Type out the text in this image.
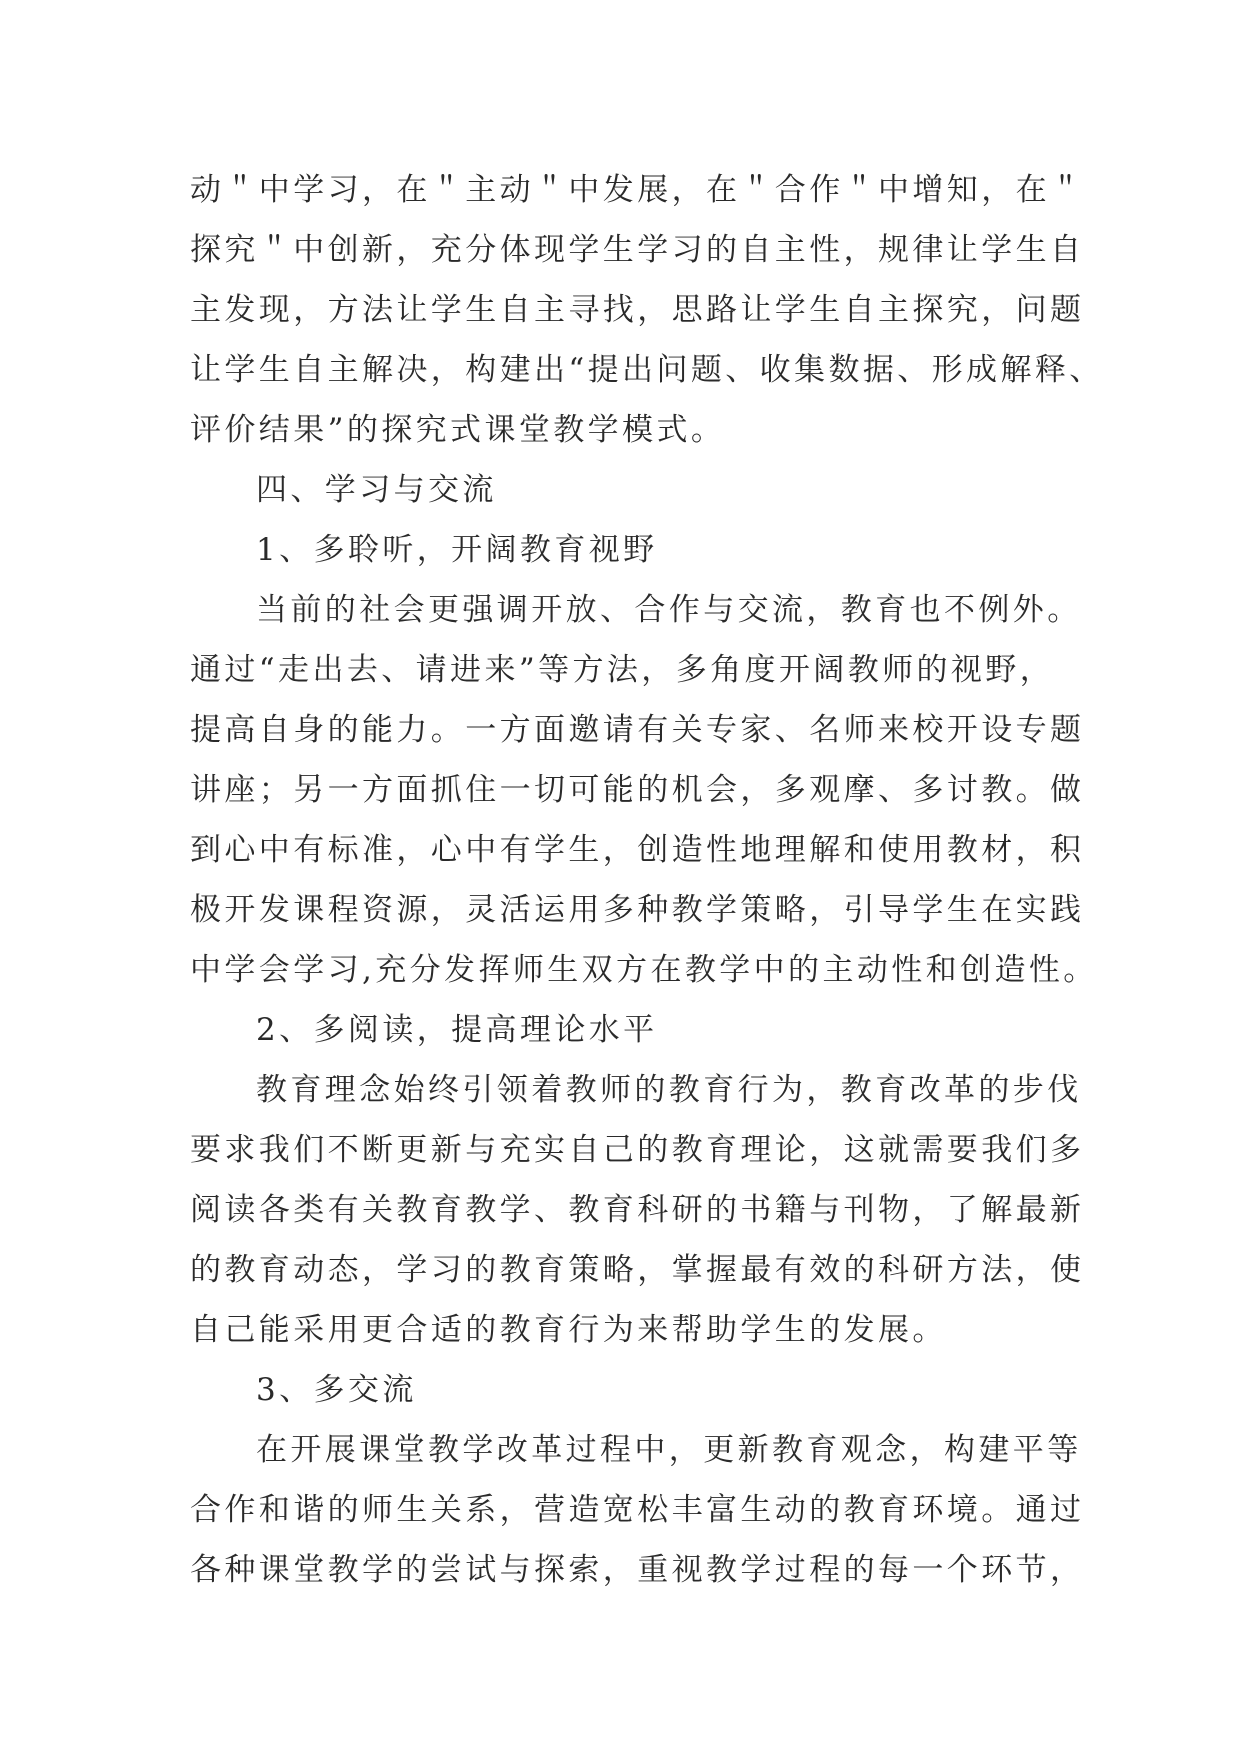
动＂中学习，在＂主动＂中发展，在＂合作＂中增知，在＂
探究＂中创新，充分体现学生学习的自主性，规律让学生自
主发现，方法让学生自主寻找，思路让学生自主探究，问题
让学生自主解决，构建出“提出问题、收集数据、形成解释、
评价结果”的探究式课堂教学模式。
四、学习与交流
1、多聆听，开阔教育视野
当前的社会更强调开放、合作与交流，教育也不例外。
通过“走出去、请进来”等方法，多角度开阔教师的视野，
提高自身的能力。一方面邀请有关专家、名师来校开设专题
讲座；另一方面抓住一切可能的机会，多观摩、多讨教。做
到心中有标准，心中有学生，创造性地理解和使用教材，积
极开发课程资源，灵活运用多种教学策略，引导学生在实践
中学会学习,充分发挥师生双方在教学中的主动性和创造性。
2、多阅读，提高理论水平
教育理念始终引领着教师的教育行为，教育改革的步伐
要求我们不断更新与充实自己的教育理论，这就需要我们多
阅读各类有关教育教学、教育科研的书籍与刊物，了解最新
的教育动态，学习的教育策略，掌握最有效的科研方法，使
自己能采用更合适的教育行为来帮助学生的发展。
3、多交流
在开展课堂教学改革过程中，更新教育观念，构建平等
合作和谐的师生关系，营造宽松丰富生动的教育环境。通过
各种课堂教学的尝试与探索，重视教学过程的每一个环节，
